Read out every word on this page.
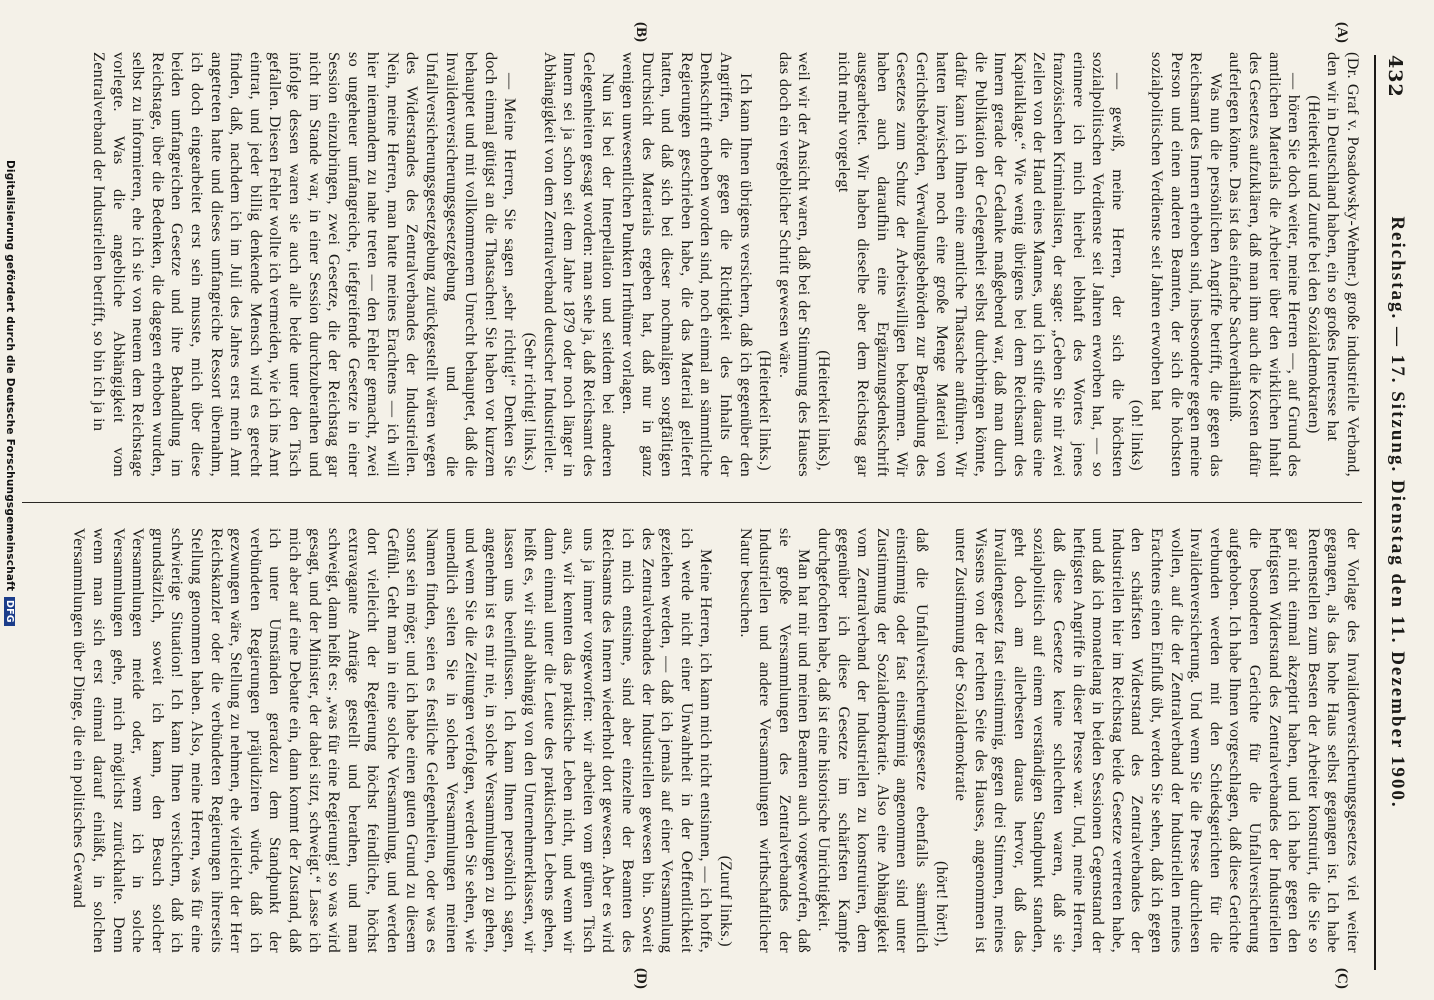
432
Reichstag. — 17. Sitzung. Dienstag den 11. Dezember 1900.
(A)
(B)
(C)
(D)

(Dr. Graf v. Posadowsky-Wehner.) große industrielle Verband, den wir in Deutschland haben, ein so großes Interesse hat

(Heiterkeit und Zurufe bei den Sozialdemokraten)

— hören Sie doch weiter, meine Herren —, auf Grund des amtlichen Materials die Arbeiter über den wirklichen Inhalt des Gesetzes aufzuklären, daß man ihm auch die Kosten dafür auferlegen könne. Das ist das einfache Sachverhältniß.

Was nun die persönlichen Angriffe betrifft, die gegen das Reichsamt des Innern erhoben sind, insbesondere gegen meine Person und einen anderen Beamten, der sich die höchsten sozialpolitischen Verdienste seit Jahren erworben hat

(oh! links)

— gewiß, meine Herren, der sich die höchsten sozialpolitischen Verdienste seit Jahren erworben hat, — so erinnere ich mich hierbei lebhaft des Wortes jenes französischen Kriminalisten, der sagte: „Geben Sie mir zwei Zeilen von der Hand eines Mannes, und ich stifte daraus eine Kapitalklage.“ Wie wenig übrigens bei dem Reichsamt des Innern gerade der Gedanke maßgebend war, daß man durch die Publikation der Gelegenheit selbst durchbringen könnte, dafür kann ich Ihnen eine amtliche Thatsache anführen. Wir hatten inzwischen noch eine große Menge Material von Gerichtsbehörden, Verwaltungsbehörden zur Begründung des Gesetzes zum Schutz der Arbeitswilligen bekommen. Wir haben auch daraufhin eine Ergänzungsdenkschrift ausgearbeitet. Wir haben dieselbe aber dem Reichstag gar nicht mehr vorgelegt

(Heiterkeit links),

weil wir der Ansicht waren, daß bei der Stimmung des Hauses das doch ein vergeblicher Schritt gewesen wäre.

(Heiterkeit links.)

Ich kann Ihnen übrigens versichern, daß ich gegenüber den Angriffen, die gegen die Richtigkeit des Inhalts der Denkschrift erhoben worden sind, noch einmal an sämmtliche Regierungen geschrieben habe, die das Material geliefert hatten, und daß sich bei dieser nochmaligen sorgfältigen Durchsicht des Materials ergeben hat, daß nur in ganz wenigen unwesentlichen Punkten Irrthümer vorlagen.

Nun ist bei der Interpellation und seitdem bei anderen Gelegenheiten gesagt worden: man sehe ja, daß Reichsamt des Innern sei ja schon seit dem Jahre 1879 oder noch länger in Abhängigkeit von dem Zentralverband deutscher Industrieller.

(Sehr richtig! links.)

— Meine Herren, Sie sagen „sehr richtig!“ Denken Sie doch einmal gütigst an die Thatsachen! Sie haben vor kurzem behauptet und mit vollkommenem Unrecht behauptet, daß die Invalidenversicherungsgesetzgebung und die Unfallversicherungsgesetzgebung zurückgestellt wären wegen des Widerstandes des Zentralverbandes der Industriellen. Nein, meine Herren, man hatte meines Erachtens — ich will hier niemandem zu nahe treten — den Fehler gemacht, zwei so ungeheuer umfangreiche, tiefgreifende Gesetze in einer Session einzubringen, zwei Gesetze, die der Reichstag gar nicht im Stande war, in einer Session durchzuberathen und infolge dessen waren sie auch alle beide unter den Tisch gefallen. Diesen Fehler wollte ich vermeiden, wie ich ins Amt eintrat, und jeder billig denkende Mensch wird es gerecht finden, daß, nachdem ich im Juli des Jahres erst mein Amt angetreten hatte und dieses umfangreiche Ressort übernahm, ich doch eingearbeitet erst sein musste, mich über diese beiden umfangreichen Gesetze und ihre Behandlung im Reichstage, über die Bedenken, die dagegen erhoben wurden, selbst zu informieren, ehe ich sie von neuem dem Reichstage vorlegte. Was die angebliche Abhängigkeit vom Zentralverband der Industriellen betrifft, so bin ich ja in

der Vorlage des Invalidenversicherungsgesetzes viel weiter gegangen, als das hohe Haus selbst gegangen ist. Ich habe Rentenstellen zum Besten der Arbeiter konstruirt, die Sie so gar nicht einmal akzeptirt haben, und ich habe gegen den heftigsten Widerstand des Zentralverbandes der Industriellen die besonderen Gerichte für die Unfallversicherung aufgehoben. Ich habe Ihnen vorgeschlagen, daß diese Gerichte verbunden werden mit den Schiedsgerichten für die Invalidenversicherung. Und wenn Sie die Presse durchlesen wollen, auf die der Zentralverband der Industriellen meines Erachtens einen Einfluß übt, werden Sie sehen, daß ich gegen den schärfsten Widerstand des Zentralverbandes der Industriellen hier im Reichstag beide Gesetze vertreten habe, und daß ich monatelang in beiden Sessionen Gegenstand der heftigsten Angriffe in dieser Presse war. Und, meine Herren, daß diese Gesetze keine schlechten waren, daß sie sozialpolitisch auf einem verständigen Standpunkt standen, geht doch am allerbesten daraus hervor, daß das Invalidengesetz fast einstimmig, gegen drei Stimmen, meines Wissens von der rechten Seite des Hauses, angenommen ist unter Zustimmung der Sozialdemokratie

(hört! hört!),

daß die Unfallversicherungsgesetze ebenfalls sämmtlich einstimmig oder fast einstimmig angenommen sind unter Zustimmung der Sozialdemokratie. Also eine Abhängigkeit vom Zentralverband der Industriellen zu konstruiren, dem gegenüber ich diese Gesetze im schärfsten Kampfe durchgefochten habe, daß ist eine historische Unrichtigkeit.

Man hat mir und meinen Beamten auch vorgeworfen, daß sie große Versammlungen des Zentralverbandes der Industriellen und andere Versammlungen wirthschaftlicher Natur besuchen.

(Zuruf links.)

Meine Herren, ich kann mich nicht entsinnen, — ich hoffe, ich werde nicht einer Unwahrheit in der Oeffentlichkeit geziehen werden, — daß ich jemals auf einer Versammlung des Zentralverbandes der Industriellen gewesen bin. Soweit ich mich entsinne, sind aber einzelne der Beamten des Reichsamts des Innern wiederholt dort gewesen. Aber es wird uns ja immer vorgeworfen: wir arbeiten vom grünen Tisch aus, wir kennten das praktische Leben nicht, und wenn wir dann einmal unter die Leute des praktischen Lebens gehen, heißt es, wir sind abhängig von den Unternehmerklassen, wir lassen uns beeinflussen. Ich kann Ihnen persönlich sagen, angenehm ist es mir nie, in solche Versammlungen zu gehen, und wenn Sie die Zeitungen verfolgen, werden Sie sehen, wie unendlich selten Sie in solchen Versammlungen meinen Namen finden, seien es festliche Gelegenheiten, oder was es sonst sein möge; und ich habe einen guten Grund zu diesem Gefühl. Geht man in eine solche Versammlung, und werden dort vielleicht der Regierung höchst feindliche, höchst extravagante Anträge gestellt und berathen, und man schweigt, dann heißt es: „was für eine Regierung! so was wird gesagt, und der Minister, der dabei sitzt, schweigt.“ Lasse ich mich aber auf eine Debatte ein, dann kommt der Zustand, daß ich unter Umständen geradezu dem Standpunkt der verbündeten Regierungen präjudiziren würde, daß ich gezwungen wäre, Stellung zu nehmen, ehe vielleicht der Herr Reichskanzler oder die verbündeten Regierungen ihrerseits Stellung genommen haben. Also, meine Herren, was für eine schwierige Situation! Ich kann Ihnen versichern, daß ich grundsätzlich, soweit ich kann, den Besuch solcher Versammlungen meide oder, wenn ich in solche Versammlungen gehe, mich möglichst zurückhalte. Denn wenn man sich erst einmal darauf einläßt, in solchen Versammlungen über Dinge, die ein politisches Gewand

Digitalisierung gefördert durch die Deutsche Forschungsgemeinschaft DFG
